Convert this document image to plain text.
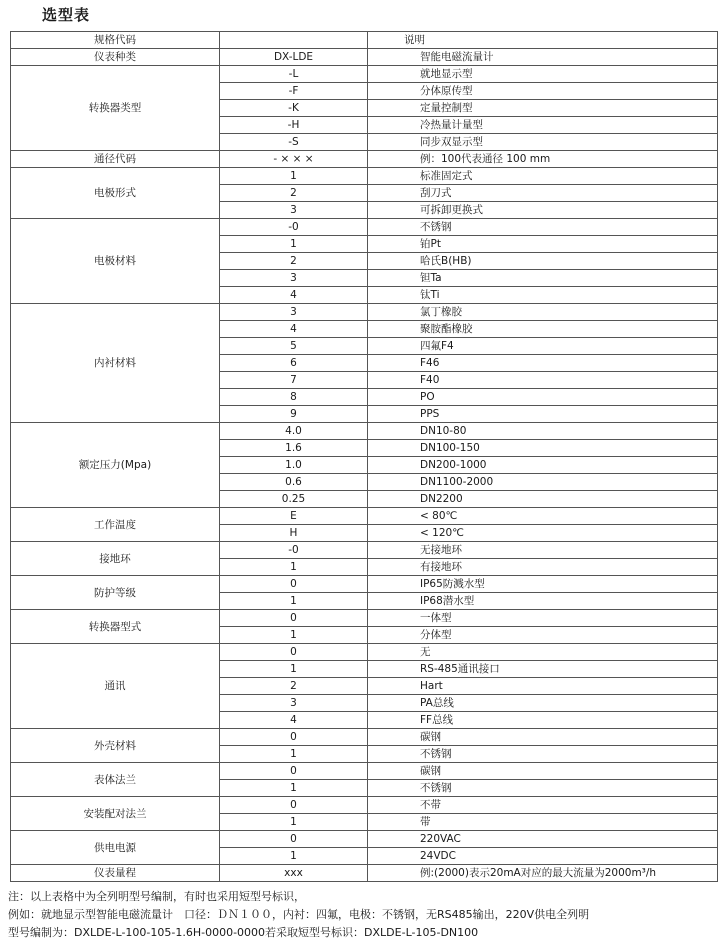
选型表
规格代码		说明
仪表种类	DX-LDE	智能电磁流量计
转换器类型	-L	就地显示型
	-F	分体原传型
	-K	定量控制型
	-H	冷热量计量型
	-S	同步双显示型
通径代码	- × × ×	例：100代表通径 100 mm
电极形式	1	标准固定式
	2	刮刀式
	3	可拆卸更换式
电极材料	-0	不锈钢
	1	铂Pt
	2	哈氏B(HB)
	3	钽Ta
	4	钛Ti
内衬材料	3	氯丁橡胶
	4	聚胺酯橡胶
	5	四氟F4
	6	F46
	7	F40
	8	PO
	9	PPS
额定压力(Mpa)	4.0	DN10-80
	1.6	DN100-150
	1.0	DN200-1000
	0.6	DN1100-2000
	0.25	DN2200
工作温度	E	< 80℃
	H	< 120℃
接地环	-0	无接地环
	1	有接地环
防护等级	0	IP65防溅水型
	1	IP68潜水型
转换器型式	0	一体型
	1	分体型
通讯	0	无
	1	RS-485通讯接口
	2	Hart
	3	PA总线
	4	FF总线
外壳材料	0	碳钢
	1	不锈钢
表体法兰	0	碳钢
	1	不锈钢
安装配对法兰	0	不带
	1	带
供电电源	0	220VAC
	1	24VDC
仪表量程	xxx	例:(2000)表示20mA对应的最大流量为2000m³/h

注：以上表格中为全列明型号编制，有时也采用短型号标识，

例如：就地显示型智能电磁流量计　口径：ＤＮ１００，内衬：四氟，电极：不锈钢，无RS485输出，220V供电全列明

型号编制为：DXLDE-L-100-105-1.6H-0000-0000若采取短型号标识：DXLDE-L-105-DN100
